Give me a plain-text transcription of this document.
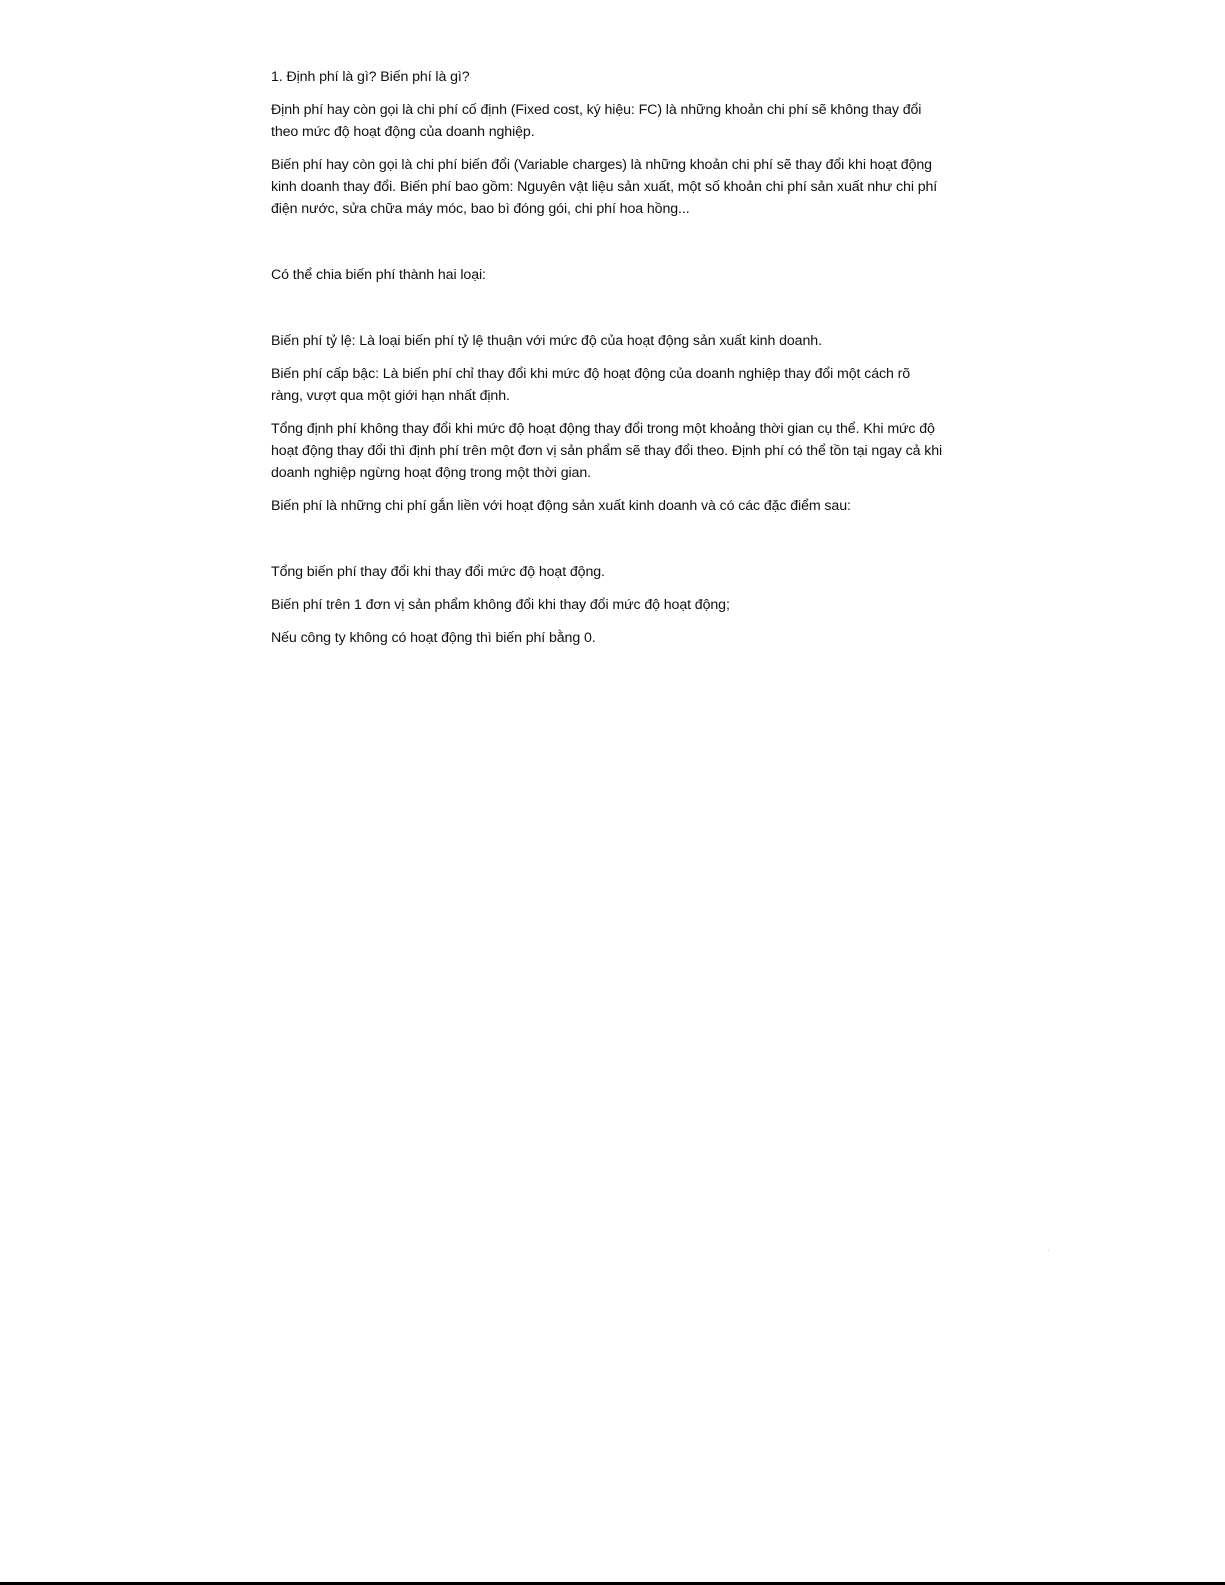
1. Định phí là gì? Biến phí là gì?

Định phí hay còn gọi là chi phí cố định (Fixed cost, ký hiệu: FC) là những khoản chi phí sẽ không thay đổi theo mức độ hoạt động của doanh nghiệp.

Biến phí hay còn gọi là chi phí biến đổi (Variable charges) là những khoản chi phí sẽ thay đổi khi hoạt động kinh doanh thay đổi. Biến phí bao gồm: Nguyên vật liệu sản xuất, một số khoản chi phí sản xuất như chi phí điện nước, sửa chữa máy móc, bao bì đóng gói, chi phí hoa hồng...

Có thể chia biến phí thành hai loại:

Biến phí tỷ lệ: Là loại biến phí tỷ lệ thuận với mức độ của hoạt động sản xuất kinh doanh.

Biến phí cấp bậc: Là biến phí chỉ thay đổi khi mức độ hoạt động của doanh nghiệp thay đổi một cách rõ ràng, vượt qua một giới hạn nhất định.

Tổng định phí không thay đổi khi mức độ hoạt động thay đổi trong một khoảng thời gian cụ thể. Khi mức độ hoạt động thay đổi thì định phí trên một đơn vị sản phẩm sẽ thay đổi theo. Định phí có thể tồn tại ngay cả khi doanh nghiệp ngừng hoạt động trong một thời gian.

Biến phí là những chi phí gắn liền với hoạt động sản xuất kinh doanh và có các đặc điểm sau:

Tổng biến phí thay đổi khi thay đổi mức độ hoạt động.

Biến phí trên 1 đơn vị sản phẩm không đổi khi thay đổi mức độ hoạt động;

Nếu công ty không có hoạt động thì biến phí bằng 0.
